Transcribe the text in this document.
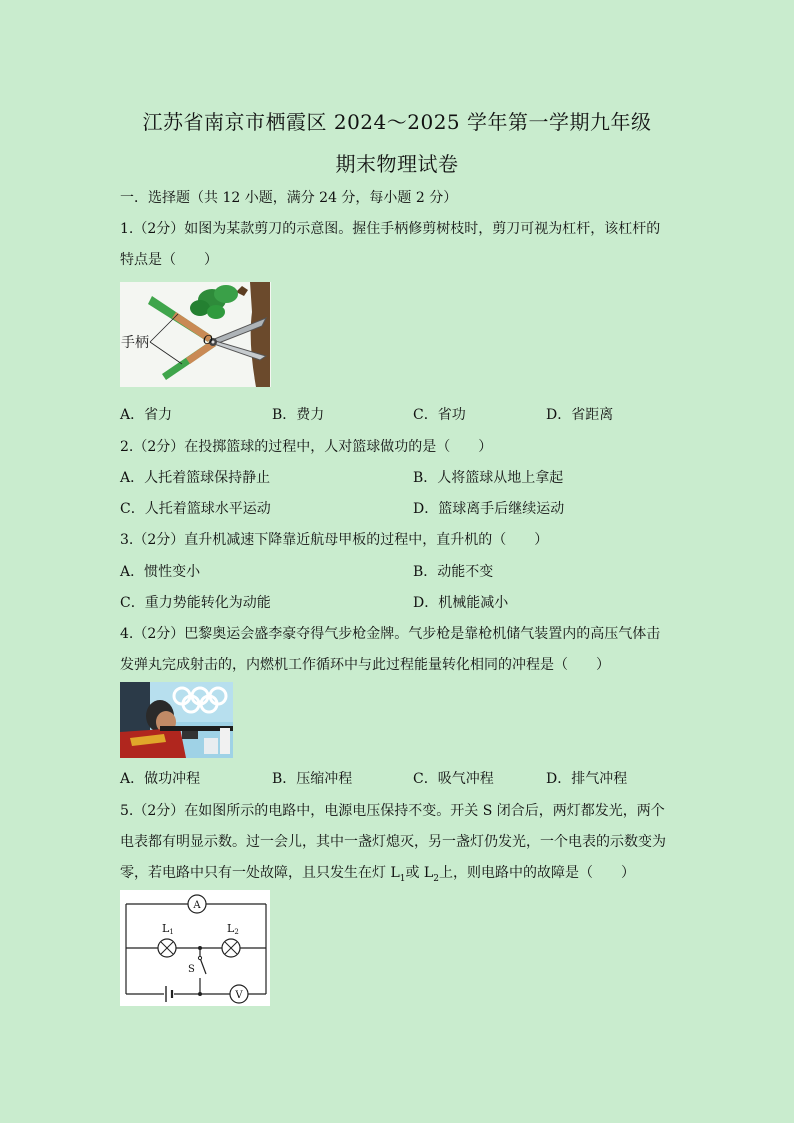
江苏省南京市栖霞区 2024～2025 学年第一学期九年级
期末物理试卷
一．选择题（共 12 小题，满分 24 分，每小题 2 分）
1.（2分）如图为某款剪刀的示意图。握住手柄修剪树枝时，剪刀可视为杠杆，该杠杆的
特点是（　　）
手柄	O
A．省力	B．费力	C．省功	D．省距离
2.（2分）在投掷篮球的过程中，人对篮球做功的是（　　）
A．人托着篮球保持静止	B．人将篮球从地上拿起
C．人托着篮球水平运动	D．篮球离手后继续运动
3.（2分）直升机减速下降靠近航母甲板的过程中，直升机的（　　）
A．惯性变小	B．动能不变
C．重力势能转化为动能	D．机械能减小
4.（2分）巴黎奥运会盛李豪夺得气步枪金牌。气步枪是靠枪机储气装置内的高压气体击
发弹丸完成射击的，内燃机工作循环中与此过程能量转化相同的冲程是（　　）
A．做功冲程	B．压缩冲程	C．吸气冲程	D．排气冲程
5.（2分）在如图所示的电路中，电源电压保持不变。开关 S 闭合后，两灯都发光，两个
电表都有明显示数。过一会儿，其中一盏灯熄灭，另一盏灯仍发光，一个电表的示数变为
零，若电路中只有一处故障，且只发生在灯 $L_1$或 $L_2$上，则电路中的故障是（　　）
A
L1	L2
S
V
